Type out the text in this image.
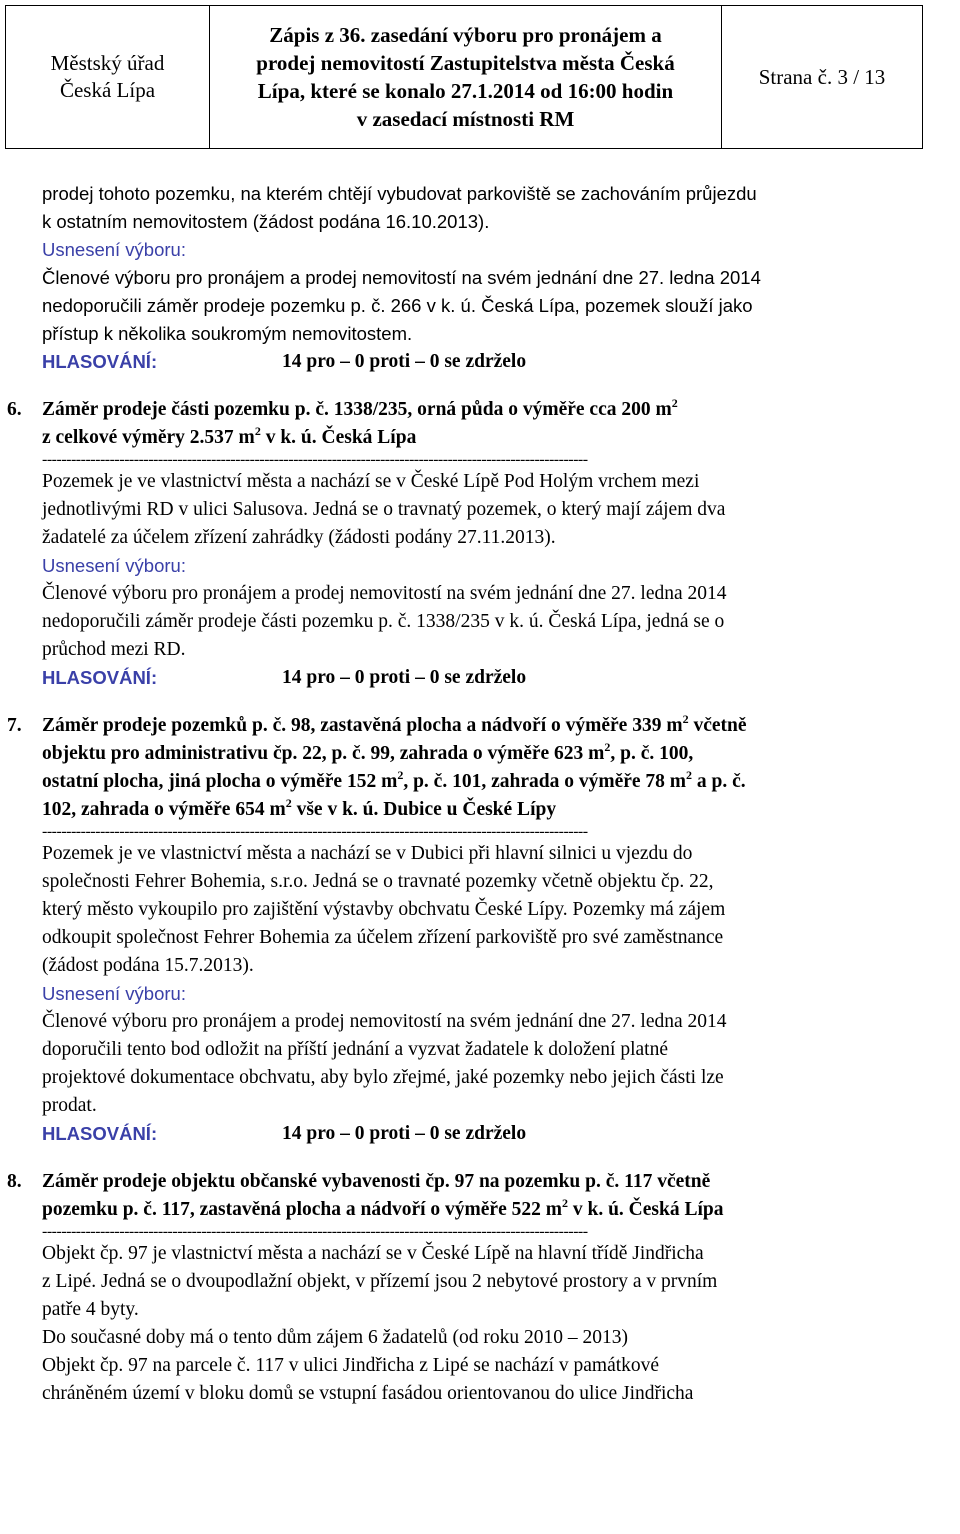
Městský úřad
Česká Lípa
Zápis z 36. zasedání výboru pro pronájem a
prodej nemovitostí Zastupitelstva města Česká
Lípa, které se konalo 27.1.2014 od 16:00 hodin
v zasedací místnosti RM
Strana č. 3 / 13
prodej tohoto pozemku, na kterém chtějí vybudovat parkoviště se zachováním průjezdu
k ostatním nemovitostem (žádost podána 16.10.2013).
Usnesení výboru:
Členové výboru pro pronájem a prodej nemovitostí na svém jednání dne 27. ledna 2014
nedoporučili záměr prodeje pozemku p. č. 266 v k. ú. Česká Lípa, pozemek slouží jako
přístup k několika soukromým nemovitostem.
HLASOVÁNÍ:	14 pro – 0 proti – 0 se zdrželo
6. Záměr prodeje části pozemku p. č. 1338/235, orná půda o výměře cca 200 $m^2$
z celkové výměry 2.537 $m^2$ v k. ú. Česká Lípa
-----------------------------------------------------------------------------------------------------------------
Pozemek je ve vlastnictví města a nachází se v České Lípě Pod Holým vrchem mezi
jednotlivými RD v ulici Salusova. Jedná se o travnatý pozemek, o který mají zájem dva
žadatelé za účelem zřízení zahrádky (žádosti podány 27.11.2013).
Usnesení výboru:
Členové výboru pro pronájem a prodej nemovitostí na svém jednání dne 27. ledna 2014
nedoporučili záměr prodeje části pozemku p. č. 1338/235 v k. ú. Česká Lípa, jedná se o
průchod mezi RD.
HLASOVÁNÍ:	14 pro – 0 proti – 0 se zdrželo
7. Záměr prodeje pozemků p. č. 98, zastavěná plocha a nádvoří o výměře 339 $m^2$ včetně
objektu pro administrativu čp. 22, p. č. 99, zahrada o výměře 623 $m^2$, p. č. 100,
ostatní plocha, jiná plocha o výměře 152 $m^2$, p. č. 101, zahrada o výměře 78 $m^2$ a p. č.
102, zahrada o výměře 654 $m^2$ vše v k. ú. Dubice u České Lípy
-----------------------------------------------------------------------------------------------------------------
Pozemek je ve vlastnictví města a nachází se v Dubici při hlavní silnici u vjezdu do
společnosti Fehrer Bohemia, s.r.o. Jedná se o travnaté pozemky včetně objektu čp. 22,
který město vykoupilo pro zajištění výstavby obchvatu České Lípy. Pozemky má zájem
odkoupit společnost Fehrer Bohemia za účelem zřízení parkoviště pro své zaměstnance
(žádost podána 15.7.2013).
Usnesení výboru:
Členové výboru pro pronájem a prodej nemovitostí na svém jednání dne 27. ledna 2014
doporučili tento bod odložit na příští jednání a vyzvat žadatele k doložení platné
projektové dokumentace obchvatu, aby bylo zřejmé, jaké pozemky nebo jejich části lze
prodat.
HLASOVÁNÍ:	14 pro – 0 proti – 0 se zdrželo
8. Záměr prodeje objektu občanské vybavenosti čp. 97 na pozemku p. č. 117 včetně
pozemku p. č. 117, zastavěná plocha a nádvoří o výměře 522 $m^2$ v k. ú. Česká Lípa
-----------------------------------------------------------------------------------------------------------------
Objekt čp. 97 je vlastnictví města a nachází se v České Lípě na hlavní třídě Jindřicha
z Lipé. Jedná se o dvoupodlažní objekt, v přízemí jsou 2 nebytové prostory a v prvním
patře 4 byty.
Do současné doby má o tento dům zájem 6 žadatelů (od roku 2010 – 2013)
Objekt čp. 97 na parcele č. 117 v ulici Jindřicha z Lipé se nachází v památkové
chráněném území v bloku domů se vstupní fasádou orientovanou do ulice Jindřicha
